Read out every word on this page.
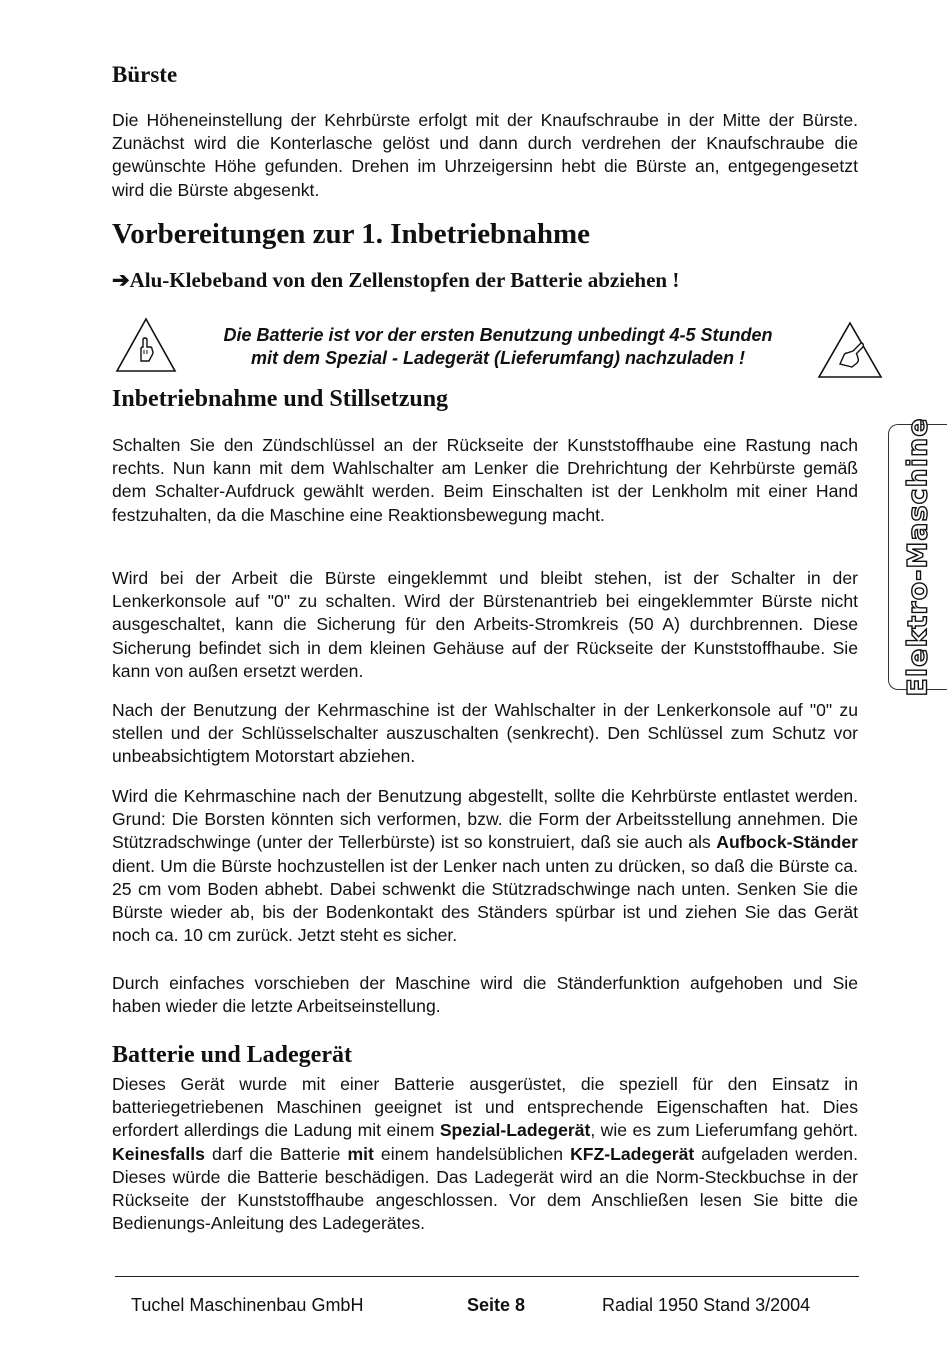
Bürste

Die Höheneinstellung der Kehrbürste erfolgt mit der Knaufschraube in der Mitte der Bürste. Zunächst wird die Konterlasche gelöst und dann durch verdrehen der Knaufschraube die gewünschte Höhe gefunden. Drehen im Uhrzeigersinn hebt die Bürste an, entgegengesetzt wird die Bürste abgesenkt.

Vorbereitungen zur 1. Inbetriebnahme
➔Alu-Klebeband von den Zellenstopfen der Batterie abziehen !
Die Batterie ist vor der ersten Benutzung unbedingt 4-5 Stunden
mit dem Spezial - Ladegerät (Lieferumfang) nachzuladen !
Inbetriebnahme und Stillsetzung

Schalten Sie den Zündschlüssel an der Rückseite der Kunststoffhaube eine Rastung nach rechts. Nun kann mit dem Wahlschalter am Lenker die Drehrichtung der Kehrbürste gemäß dem Schalter-Aufdruck gewählt werden. Beim Einschalten ist der Lenkholm mit einer Hand festzuhalten, da die Maschine eine Reaktionsbewegung macht.

Wird bei der Arbeit die Bürste eingeklemmt und bleibt stehen, ist der Schalter in der Lenkerkonsole auf "0" zu schalten. Wird der Bürstenantrieb bei eingeklemmter Bürste nicht ausgeschaltet, kann die Sicherung für den Arbeits-Stromkreis (50 A) durchbrennen. Diese Sicherung befindet sich in dem kleinen Gehäuse auf der Rückseite der Kunststoffhaube. Sie kann von außen ersetzt werden.

Nach der Benutzung der Kehrmaschine ist der Wahlschalter in der Lenkerkonsole auf "0" zu stellen und der Schlüsselschalter auszuschalten (senkrecht). Den Schlüssel zum Schutz vor unbeabsichtigtem Motorstart abziehen.

Wird die Kehrmaschine nach der Benutzung abgestellt, sollte die Kehrbürste entlastet werden. Grund: Die Borsten könnten sich verformen, bzw. die Form der Arbeitsstellung annehmen. Die Stützradschwinge (unter der Tellerbürste) ist so konstruiert, daß sie auch als Aufbock-Ständer dient. Um die Bürste hochzustellen ist der Lenker nach unten zu drücken, so daß die Bürste ca. 25 cm vom Boden abhebt. Dabei schwenkt die Stützradschwinge nach unten. Senken Sie die Bürste wieder ab, bis der Bodenkontakt des Ständers spürbar ist und ziehen Sie das Gerät noch ca. 10 cm zurück. Jetzt steht es sicher.

Durch einfaches vorschieben der Maschine wird die Ständerfunktion aufgehoben und Sie haben wieder die letzte Arbeitseinstellung.

Batterie und Ladegerät

Dieses Gerät wurde mit einer Batterie ausgerüstet, die speziell für den Einsatz in batteriegetriebenen Maschinen geeignet ist und entsprechende Eigenschaften hat. Dies erfordert allerdings die Ladung mit einem Spezial-Ladegerät, wie es zum Lieferumfang gehört. Keinesfalls darf die Batterie mit einem handelsüblichen KFZ-Ladegerät aufgeladen werden. Dieses würde die Batterie beschädigen. Das Ladegerät wird an die Norm-Steckbuchse in der Rückseite der Kunststoffhaube angeschlossen. Vor dem Anschließen lesen Sie bitte die Bedienungs-Anleitung des Ladegerätes.

Elektro-Maschine
Tuchel Maschinenbau GmbH	Seite 8	Radial 1950 Stand 3/2004
